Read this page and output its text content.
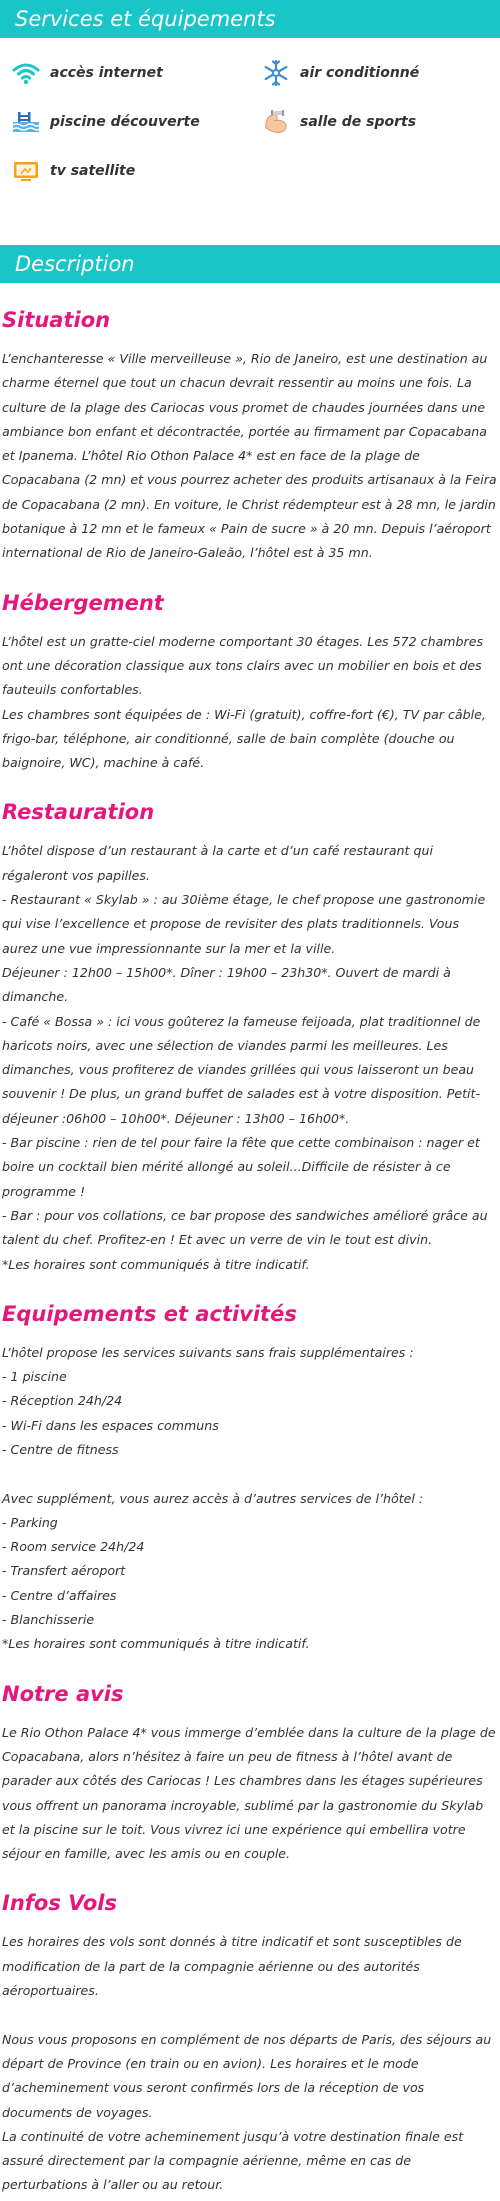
Services et équipements
accès internet	air conditionné
piscine découverte	salle de sports
tv satellite
Description
Situation

L’enchanteresse « Ville merveilleuse », Rio de Janeiro, est une destination au charme éternel que tout un chacun devrait ressentir au moins une fois. La culture de la plage des Cariocas vous promet de chaudes journées dans une ambiance bon enfant et décontractée, portée au firmament par Copacabana et Ipanema. L’hôtel Rio Othon Palace 4* est en face de la plage de Copacabana (2 mn) et vous pourrez acheter des produits artisanaux à la Feira de Copacabana (2 mn). En voiture, le Christ rédempteur est à 28 mn, le jardin botanique à 12 mn et le fameux « Pain de sucre » à 20 mn. Depuis l’aéroport international de Rio de Janeiro-Galeão, l’hôtel est à 35 mn.

Hébergement

L’hôtel est un gratte-ciel moderne comportant 30 étages. Les 572 chambres ont une décoration classique aux tons clairs avec un mobilier en bois et des fauteuils confortables.
Les chambres sont équipées de : Wi-Fi (gratuit), coffre-fort (€), TV par câble, frigo-bar, téléphone, air conditionné, salle de bain complète (douche ou baignoire, WC), machine à café.

Restauration

L’hôtel dispose d’un restaurant à la carte et d’un café restaurant qui régaleront vos papilles.
- Restaurant « Skylab » : au 30ième étage, le chef propose une gastronomie qui vise l’excellence et propose de revisiter des plats traditionnels. Vous aurez une vue impressionnante sur la mer et la ville.
Déjeuner : 12h00 – 15h00*. Dîner : 19h00 – 23h30*. Ouvert de mardi à dimanche.
- Café « Bossa » : ici vous goûterez la fameuse feijoada, plat traditionnel de haricots noirs, avec une sélection de viandes parmi les meilleures. Les dimanches, vous profiterez de viandes grillées qui vous laisseront un beau souvenir ! De plus, un grand buffet de salades est à votre disposition. Petit-déjeuner :06h00 – 10h00*. Déjeuner : 13h00 – 16h00*.
- Bar piscine : rien de tel pour faire la fête que cette combinaison : nager et boire un cocktail bien mérité allongé au soleil...Difficile de résister à ce programme !
- Bar : pour vos collations, ce bar propose des sandwiches amélioré grâce au talent du chef. Profitez-en ! Et avec un verre de vin le tout est divin.
*Les horaires sont communiqués à titre indicatif.

Equipements et activités

L’hôtel propose les services suivants sans frais supplémentaires :
- 1 piscine
- Réception 24h/24
- Wi-Fi dans les espaces communs
- Centre de fitness

Avec supplément, vous aurez accès à d’autres services de l’hôtel :
- Parking
- Room service 24h/24
- Transfert aéroport
- Centre d’affaires
- Blanchisserie
*Les horaires sont communiqués à titre indicatif.

Notre avis

Le Rio Othon Palace 4* vous immerge d’emblée dans la culture de la plage de Copacabana, alors n’hésitez à faire un peu de fitness à l’hôtel avant de parader aux côtés des Cariocas ! Les chambres dans les étages supérieures vous offrent un panorama incroyable, sublimé par la gastronomie du Skylab et la piscine sur le toit. Vous vivrez ici une expérience qui embellira votre séjour en famille, avec les amis ou en couple.

Infos Vols

Les horaires des vols sont donnés à titre indicatif et sont susceptibles de modification de la part de la compagnie aérienne ou des autorités aéroportuaires.

Nous vous proposons en complément de nos départs de Paris, des séjours au départ de Province (en train ou en avion). Les horaires et le mode d’acheminement vous seront confirmés lors de la réception de vos documents de voyages.
La continuité de votre acheminement jusqu’à votre destination finale est assuré directement par la compagnie aérienne, même en cas de perturbations à l’aller ou au retour.
